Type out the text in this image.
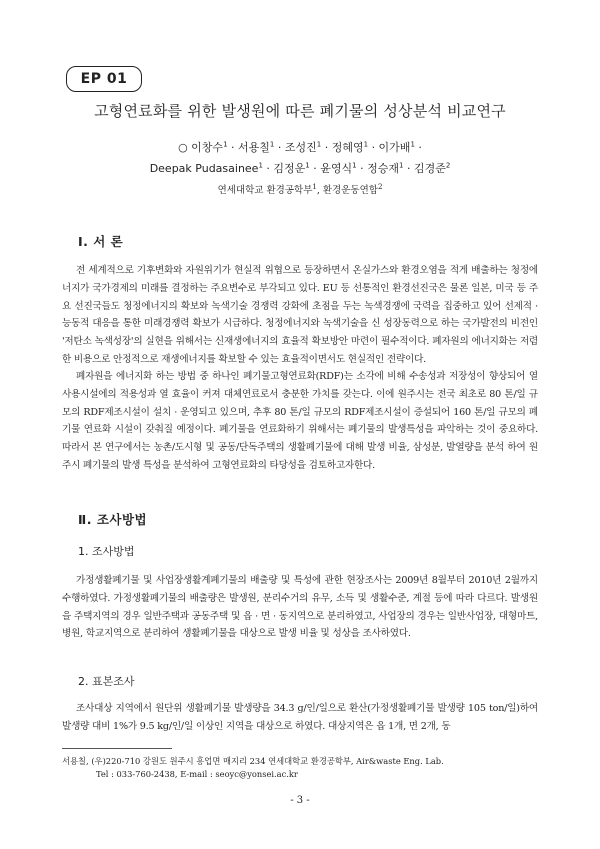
EP 01
고형연료화를 위한 발생원에 따른 폐기물의 성상분석 비교연구
○ 이창수$^1$ · 서용칠$^1$ · 조성진$^1$ · 정혜영$^1$ · 이가배$^1$ ·
Deepak Pudasainee$^1$ · 김정운$^1$ · 윤영식$^1$ · 정승재$^1$ · 김경준$^2$
연세대학교 환경공학부$^1$, 환경운동연합$^2$
Ⅰ. 서 론

전 세계적으로 기후변화와 자원위기가 현실적 위협으로 등장하면서 온실가스와 환경오염을 적게 배출하는 청정에너지가 국가경제의 미래를 결정하는 주요변수로 부각되고 있다. EU 등 선통적인 환경선진국은 물론 일본, 미국 등 주요 선진국들도 청정에너지의 확보와 녹색기술 경쟁력 강화에 초점을 두는 녹색경쟁에 국력을 집중하고 있어 선제적 · 능동적 대응을 통한 미래경쟁력 확보가 시급하다. 청정에너지와 녹색기술을 신 성장동력으로 하는 국가발전의 비전인 '저탄소 녹색성장'의 실현을 위해서는 신재생에너지의 효율적 확보방안 마련이 필수적이다. 폐자원의 에너지화는 저렴한 비용으로 안정적으로 재생에너지를 확보할 수 있는 효율적이면서도 현실적인 전략이다.

폐자원을 에너지화 하는 방법 중 하나인 폐기물고형연료화(RDF)는 소각에 비해 수송성과 저장성이 향상되어 열 사용시설에의 적용성과 열 효율이 커져 대체연료로서 충분한 가치를 갖는다. 이에 원주시는 전국 최초로 80 톤/일 규모의 RDF제조시설이 설치 · 운영되고 있으며, 추후 80 톤/일 규모의 RDF제조시설이 증설되어 160 톤/일 규모의 폐기물 연료화 시설이 갖춰질 예정이다. 폐기물을 연료화하기 위해서는 폐기물의 발생특성을 파악하는 것이 중요하다. 따라서 본 연구에서는 농촌/도시형 및 공동/단독주택의 생활폐기물에 대해 발생 비율, 삼성분, 발열량을 분석 하여 원주시 폐기물의 발생 특성을 분석하여 고형연료화의 타당성을 검토하고자한다.

Ⅱ. 조사방법
1. 조사방법

가정생활폐기물 및 사업장생활계폐기물의 배출량 및 특성에 관한 현장조사는 2009년 8월부터 2010년 2월까지 수행하였다. 가정생활폐기물의 배출량은 발생원, 분리수거의 유무, 소득 및 생활수준, 계절 등에 따라 다르다. 발생원을 주택지역의 경우 일반주택과 공동주택 및 읍 · 면 · 동지역으로 분리하였고, 사업장의 경우는 일반사업장, 대형마트, 병원, 학교지역으로 분리하여 생활폐기물을 대상으로 발생 비율 및 성상을 조사하였다.

2. 표본조사

조사대상 지역에서 원단위 생활폐기물 발생량을 34.3 g/인/일으로 환산(가정생활폐기물 발생량 105 ton/일)하여 발생량 대비 1%가 9.5 kg/인/일 이상인 지역을 대상으로 하였다. 대상지역은 읍 1개, 면 2개, 동

서용칠, (우)220-710 강원도 원주시 흥업면 매지리 234 연세대학교 환경공학부, Air&waste Eng. Lab.
Tel : 033-760-2438, E-mail : seoyc@yonsei.ac.kr
- 3 -
